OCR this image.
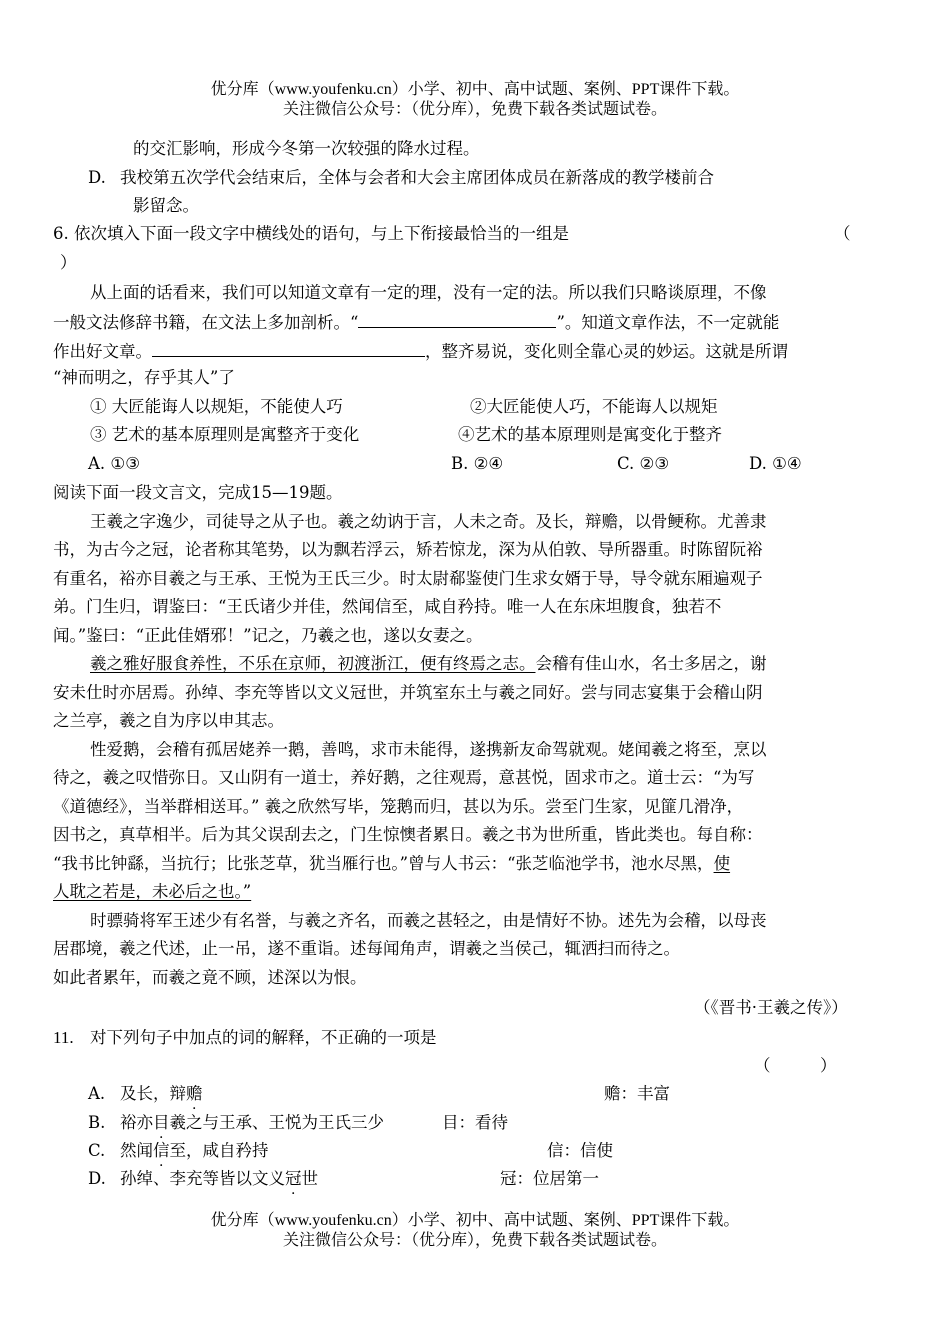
优分库（www.youfenku.cn）小学、初中、高中试题、案例、PPT课件下载。
关注微信公众号：（优分库），免费下载各类试题试卷。
的交汇影响，形成今冬第一次较强的降水过程。
D. 我校第五次学代会结束后，全体与会者和大会主席团体成员在新落成的教学楼前合
影留念。
6. 依次填入下面一段文字中横线处的语句，与上下衔接最恰当的一组是	（
）
从上面的话看来，我们可以知道文章有一定的理，没有一定的法。所以我们只略谈原理，不像
一般文法修辞书籍，在文法上多加剖析。“	”。知道文章作法，不一定就能
作出好文章。	，整齐易说，变化则全靠心灵的妙运。这就是所谓
“神而明之，存乎其人”了
① 大匠能诲人以规矩，不能使人巧	②大匠能使人巧，不能诲人以规矩
③ 艺术的基本原理则是寓整齐于变化	④艺术的基本原理则是寓变化于整齐
A. ①③	B. ②④	C. ②③	D. ①④
阅读下面一段文言文，完成15—19题。
王羲之字逸少，司徒导之从子也。羲之幼讷于言，人未之奇。及长，辩赡，以骨鲠称。尤善隶
书，为古今之冠，论者称其笔势，以为飘若浮云，矫若惊龙，深为从伯敦、导所器重。时陈留阮裕
有重名，裕亦目羲之与王承、王悦为王氏三少。时太尉郗鉴使门生求女婿于导，导令就东厢遍观子
弟。门生归，谓鉴曰：“王氏诸少并佳，然闻信至，咸自矜持。唯一人在东床坦腹食，独若不
闻。”鉴曰：“正此佳婿邪！”记之，乃羲之也，遂以女妻之。
羲之雅好服食养性，不乐在京师，初渡浙江，便有终焉之志。会稽有佳山水，名士多居之，谢
安未仕时亦居焉。孙绰、李充等皆以文义冠世，并筑室东土与羲之同好。尝与同志宴集于会稽山阴
之兰亭，羲之自为序以申其志。
性爱鹅，会稽有孤居姥养一鹅，善鸣，求市未能得，遂携新友命驾就观。姥闻羲之将至，烹以
待之，羲之叹惜弥日。又山阴有一道士，养好鹅，之往观焉，意甚悦，固求市之。道士云：“为写
《道德经》，当举群相送耳。” 羲之欣然写毕，笼鹅而归，甚以为乐。尝至门生家，见篚几滑净，
因书之，真草相半。后为其父误刮去之，门生惊懊者累日。羲之书为世所重，皆此类也。每自称：
“我书比钟繇，当抗行；比张芝草，犹当雁行也。”曾与人书云：“张芝临池学书，池水尽黑，使
人耽之若是，未必后之也。”
时骠骑将军王述少有名誉，与羲之齐名，而羲之甚轻之，由是情好不协。述先为会稽，以母丧
居郡境，羲之代述，止一吊，遂不重诣。述每闻角声，谓羲之当侯己，辄洒扫而待之。
如此者累年，而羲之竟不顾，述深以为恨。
（《晋书·王羲之传》）
11. 对下列句子中加点的词的解释，不正确的一项是
（　　　）
A. 及长，辩赡	赡：丰富
B. 裕亦目羲之与王承、王悦为王氏三少	目：看待
C. 然闻信至，咸自矜持	信：信使
D. 孙绰、李充等皆以文义冠世	冠：位居第一
优分库（www.youfenku.cn）小学、初中、高中试题、案例、PPT课件下载。
关注微信公众号：（优分库），免费下载各类试题试卷。
